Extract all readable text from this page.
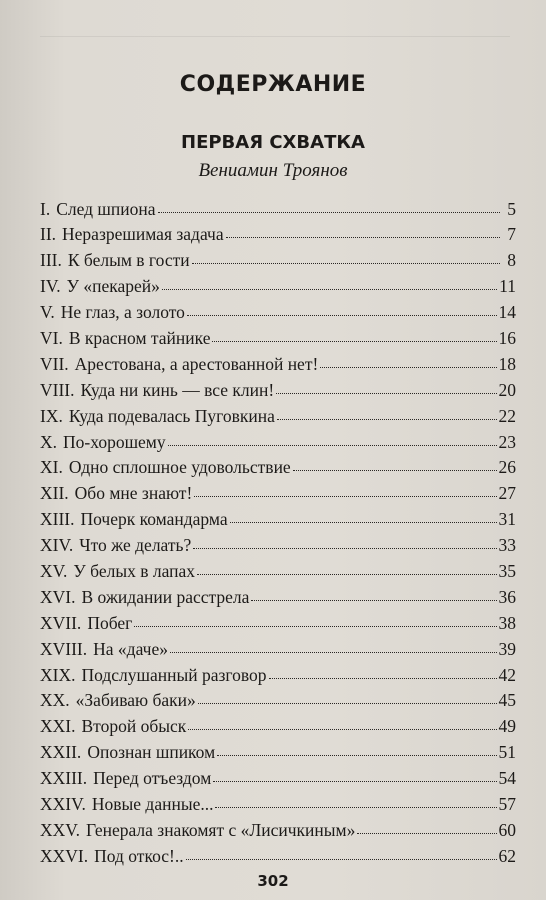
СОДЕРЖАНИЕ
ПЕРВАЯ СХВАТКА
Вениамин Троянов
I. След шпиона	5
II. Неразрешимая задача	7
III. К белым в гости	8
IV. У «пекарей»	11
V. Не глаз, а золото	14
VI. В красном тайнике	16
VII. Арестована, а арестованной нет!	18
VIII. Куда ни кинь — все клин!	20
IX. Куда подевалась Пуговкина	22
X. По-хорошему	23
XI. Одно сплошное удовольствие	26
XII. Обо мне знают!	27
XIII. Почерк командарма	31
XIV. Что же делать?	33
XV. У белых в лапах	35
XVI. В ожидании расстрела	36
XVII. Побег	38
XVIII. На «даче»	39
XIX. Подслушанный разговор	42
XX. «Забиваю баки»	45
XXI. Второй обыск	49
XXII. Опознан шпиком	51
XXIII. Перед отъездом	54
XXIV. Новые данные...	57
XXV. Генерала знакомят с «Лисичкиным»	60
XXVI. Под откос!..	62
302
